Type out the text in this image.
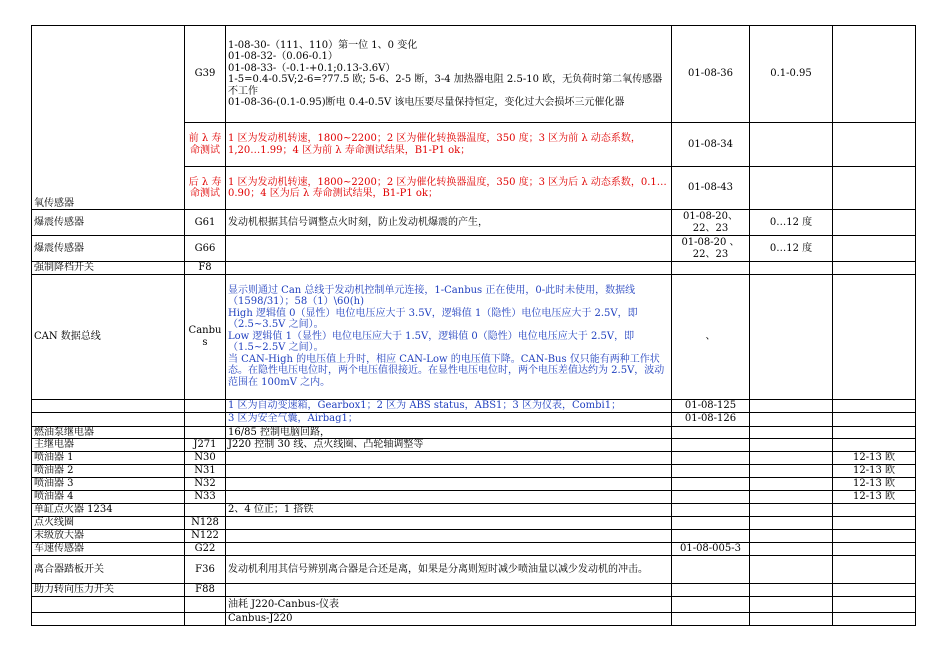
氧传感器	G39	1-08-30-（111、110）第一位 1、0 变化
01-08-32-（0.06-0.1）
01-08-33-（-0.1-+0.1;0.13-3.6V）
1-5=0.4-0.5V;2-6=?77.5 欧; 5-6、2-5 断，3-4 加热器电阻 2.5-10 欧，无负荷时第二氧传感器不工作
01-08-36-(0.1-0.95)断电 0.4-0.5V 该电压要尽量保持恒定，变化过大会损坏三元催化器	01-08-36	0.1-0.95	
	前 λ 寿命测试	1 区为发动机转速，1800~2200；2 区为催化转换器温度，350 度；3 区为前 λ 动态系数，1,20…1.99；4 区为前 λ 寿命测试结果，B1-P1 ok；	01-08-34		
	后 λ 寿命测试	1 区为发动机转速，1800~2200；2 区为催化转换器温度，350 度；3 区为后 λ 动态系数，0.1…0.90；4 区为后 λ 寿命测试结果，B1-P1 ok；	01-08-43		
爆震传感器	G61	发动机根据其信号调整点火时刻，防止发动机爆震的产生，	01-08-20、22、23	0…12 度	
爆震传感器	G66		01-08-20 、22、23	0…12 度	
强制降档开关	F8				
CAN 数据总线	Canbus	显示则通过 Can 总线于发动机控制单元连接，1-Canbus 正在使用，0-此时未使用，数据线（1598/31）；58（1）\60(h)
High 逻辑值 0（显性）电位电压应大于 3.5V，逻辑值 1（隐性）电位电压应大于 2.5V，即（2.5~3.5V 之间）。
Low 逻辑值 1（显性）电位电压应大于 1.5V，逻辑值 0（隐性）电位电压应大于 2.5V，即（1.5~2.5V 之间）。
当 CAN-High 的电压值上升时，相应 CAN-Low 的电压值下降。CAN-Bus 仅只能有两种工作状态。在隐性电压电位时，两个电压值很接近。在显性电压电位时，两个电压差值达约为 2.5V，波动范围在 100mV 之内。	、		
		1 区为自动变速箱，Gearbox1；2 区为 ABS status，ABS1；3 区为仪表，Combi1；	01-08-125		
		3 区为安全气囊，Airbag1；	01-08-126		
燃油泵继电器		16/85 控制电脑回路，			
主继电器	J271	J220 控制 30 线、点火线圈、凸轮轴调整等			
喷油器 1	N30				12-13 欧
喷油器 2	N31				12-13 欧
喷油器 3	N32				12-13 欧
喷油器 4	N33				12-13 欧
单缸点火器 1234		2、4 位正；1 搭铁			
点火线圈	N128				
末级放大器	N122				
车速传感器	G22		01-08-005-3		
离合器踏板开关	F36	发动机利用其信号辨别离合器是合还是离，如果是分离则短时减少喷油量以减少发动机的冲击。			
助力转向压力开关	F88				
		油耗 J220-Canbus-仪表			
		Canbus-J220			
